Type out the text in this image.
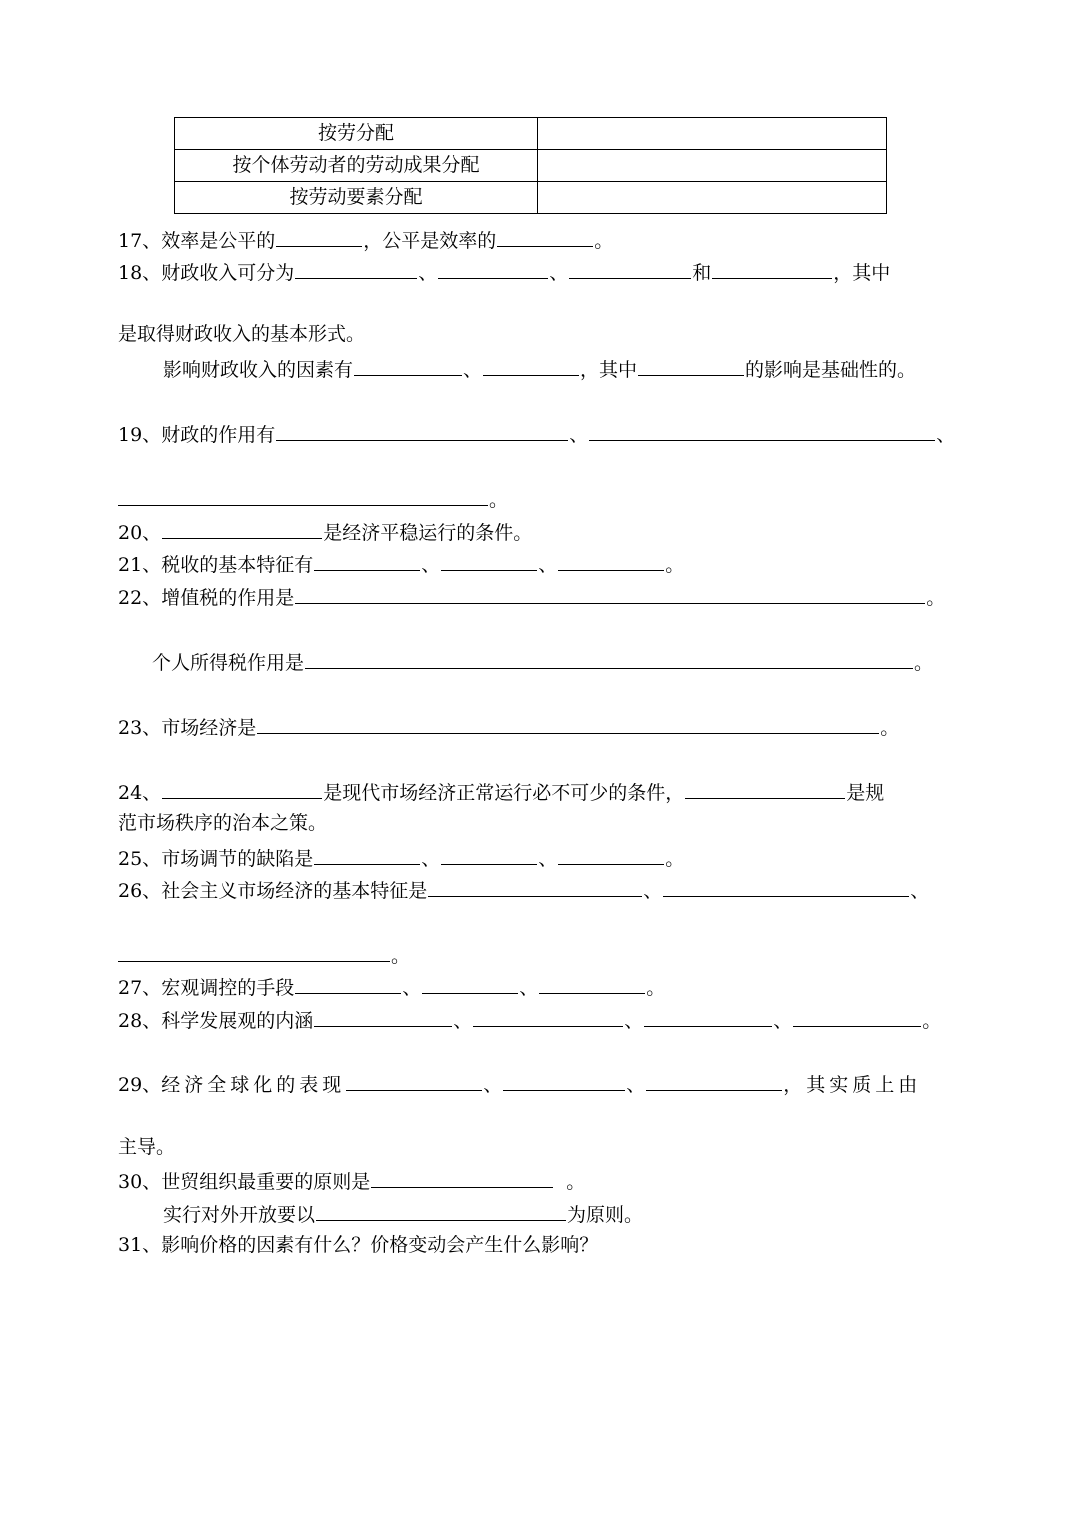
按劳分配	
按个体劳动者的劳动成果分配	
按劳动要素分配	
17、效率是公平的	，公平是效率的	。
18、财政收入可分为	、	、	和	，其中
是取得财政收入的基本形式。
影响财政收入的因素有	、	，其中	的影响是基础性的。
19、财政的作用有	、	、
。
20、	是经济平稳运行的条件。
21、税收的基本特征有	、	、	。
22、增值税的作用是	。
个人所得税作用是	。
23、市场经济是	。
24、	是现代市场经济正常运行必不可少的条件，	是规
范市场秩序的治本之策。
25、市场调节的缺陷是	、	、	。
26、社会主义市场经济的基本特征是	、	、
。
27、宏观调控的手段	、	、	。
28、科学发展观的内涵	、	、	、	。
29、经济全球化的表现	、	、	，其实质上由
主导。
30、世贸组织最重要的原则是	。
实行对外开放要以	为原则。
31、影响价格的因素有什么？价格变动会产生什么影响？
